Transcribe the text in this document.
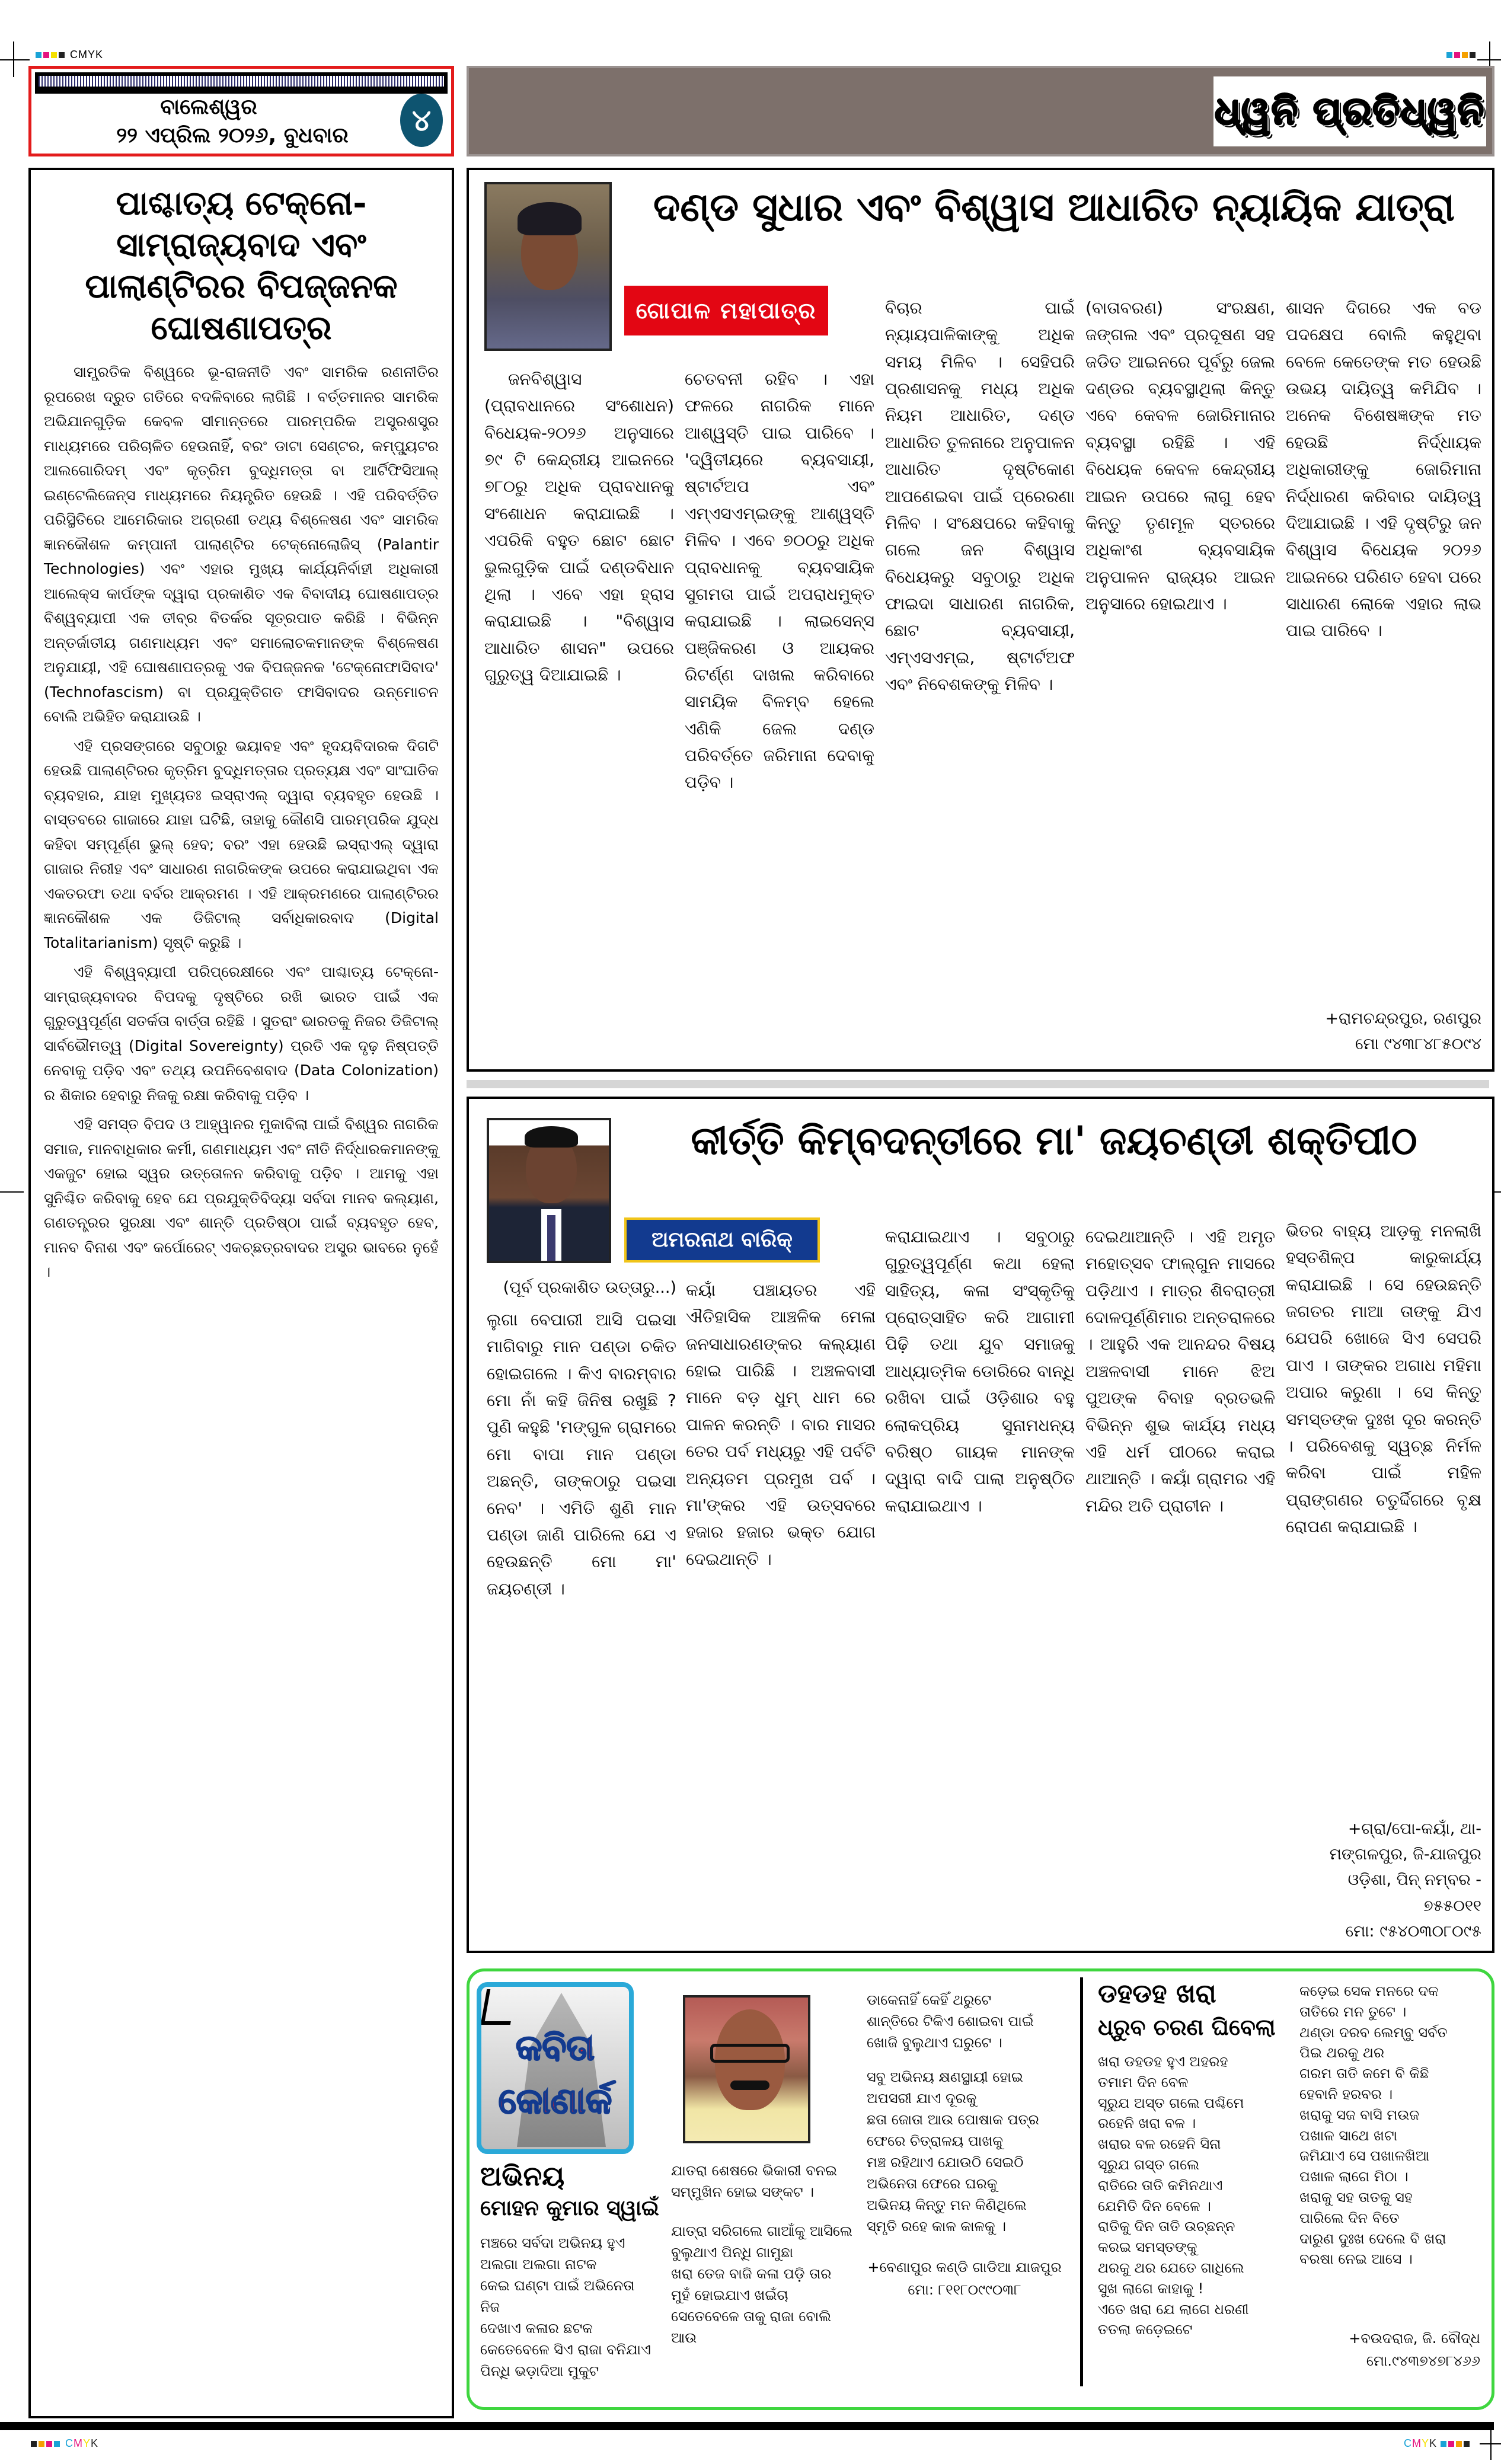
CMYK
ବାଲେଶ୍ୱର
୨୨ ଏପ୍ରିଲ ୨୦୨୬, ବୁଧବାର	୪	ଧ୍ୱନି ପ୍ରତିଧ୍ୱନି
ପାଶ୍ଚାତ୍ୟ ଟେକ୍ନୋ-ସାମ୍ରାଜ୍ୟବାଦ ଏବଂ ପାଲାଣ୍ଟିରର ବିପଜ୍ଜନକ ଘୋଷଣାପତ୍ର

ସାମ୍ପ୍ରତିକ ବିଶ୍ୱରେ ଭୂ-ରାଜନୀତି ଏବଂ ସାମରିକ ରଣନୀତିର ରୂପରେଖ ଦ୍ରୁତ ଗତିରେ ବଦଳିବାରେ ଲାଗିଛି । ବର୍ତ୍ତମାନର ସାମରିକ ଅଭିଯାନଗୁଡ଼ିକ କେବଳ ସୀମାନ୍ତରେ ପାରମ୍ପରିକ ଅସ୍ତ୍ରଶସ୍ତ୍ର ମାଧ୍ୟମରେ ପରିଚାଳିତ ହେଉନାହିଁ, ବରଂ ଡାଟା ସେଣ୍ଟର, କମ୍ପ୍ୟୁଟର ଆଲଗୋରିଦମ୍ ଏବଂ କୃତ୍ରିମ ବୁଦ୍ଧିମତ୍ତା ବା ଆର୍ଟିଫିସିଆଲ୍ ଇଣ୍ଟେଲିଜେନ୍ସ ମାଧ୍ୟମରେ ନିୟନ୍ତ୍ରିତ ହେଉଛି । ଏହି ପରିବର୍ତ୍ତିତ ପରିସ୍ଥିତିରେ ଆମେରିକାର ଅଗ୍ରଣୀ ତଥ୍ୟ ବିଶ୍ଳେଷଣ ଏବଂ ସାମରିକ ଜ୍ଞାନକୌଶଳ କମ୍ପାନୀ ପାଲାଣ୍ଟିର ଟେକ୍ନୋଲୋଜିସ୍ (Palantir Technologies) ଏବଂ ଏହାର ମୁଖ୍ୟ କାର୍ଯ୍ୟନିର୍ବାହୀ ଅଧିକାରୀ ଆଲେକ୍ସ କାର୍ପଙ୍କ ଦ୍ୱାରା ପ୍ରକାଶିତ ଏକ ବିବାଦୀୟ ଘୋଷଣାପତ୍ର ବିଶ୍ୱବ୍ୟାପୀ ଏକ ତୀବ୍ର ବିତର୍କର ସୂତ୍ରପାତ କରିଛି । ବିଭିନ୍ନ ଅନ୍ତର୍ଜାତୀୟ ଗଣମାଧ୍ୟମ ଏବଂ ସମାଲୋଚକମାନଙ୍କ ବିଶ୍ଳେଷଣ ଅନୁଯାୟୀ, ଏହି ଘୋଷଣାପତ୍ରକୁ ଏକ ବିପଜ୍ଜନକ 'ଟେକ୍ନୋଫାସିବାଦ' (Technofascism) ବା ପ୍ରଯୁକ୍ତିଗତ ଫାସିବାଦର ଉନ୍ମୋଚନ ବୋଲି ଅଭିହିତ କରାଯାଉଛି ।

ଏହି ପ୍ରସଙ୍ଗରେ ସବୁଠାରୁ ଭୟାବହ ଏବଂ ହୃଦୟବିଦାରକ ଦିଗଟି ହେଉଛି ପାଲାଣ୍ଟିରର କୃତ୍ରିମ ବୁଦ୍ଧିମତ୍ତାର ପ୍ରତ୍ୟକ୍ଷ ଏବଂ ସାଂଘାତିକ ବ୍ୟବହାର, ଯାହା ମୁଖ୍ୟତଃ ଇସ୍ରାଏଲ୍ ଦ୍ୱାରା ବ୍ୟବହୃତ ହେଉଛି । ବାସ୍ତବରେ ଗାଜାରେ ଯାହା ଘଟିଛି, ତାହାକୁ କୌଣସି ପାରମ୍ପରିକ ଯୁଦ୍ଧ କହିବା ସମ୍ପୂର୍ଣ୍ଣ ଭୁଲ୍ ହେବ; ବରଂ ଏହା ହେଉଛି ଇସ୍ରାଏଲ୍ ଦ୍ୱାରା ଗାଜାର ନିରୀହ ଏବଂ ସାଧାରଣ ନାଗରିକଙ୍କ ଉପରେ କରାଯାଇଥିବା ଏକ ଏକତରଫା ତଥା ବର୍ବର ଆକ୍ରମଣ । ଏହି ଆକ୍ରମଣରେ ପାଲାଣ୍ଟିରର ଜ୍ଞାନକୌଶଳ ଏକ ଡିଜିଟାଲ୍ ସର୍ବାଧିକାରବାଦ (Digital Totalitarianism) ସୃଷ୍ଟି କରୁଛି ।

ଏହି ବିଶ୍ୱବ୍ୟାପୀ ପରିପ୍ରେକ୍ଷୀରେ ଏବଂ ପାଶ୍ଚାତ୍ୟ ଟେକ୍ନୋ-ସାମ୍ରାଜ୍ୟବାଦର ବିପଦକୁ ଦୃଷ୍ଟିରେ ରଖି ଭାରତ ପାଇଁ ଏକ ଗୁରୁତ୍ୱପୂର୍ଣ୍ଣ ସତର୍କତା ବାର୍ତ୍ତା ରହିଛି । ସୁତରାଂ ଭାରତକୁ ନିଜର ଡିଜିଟାଲ୍ ସାର୍ବଭୌମତ୍ୱ (Digital Sovereignty) ପ୍ରତି ଏକ ଦୃଢ଼ ନିଷ୍ପତ୍ତି ନେବାକୁ ପଡ଼ିବ ଏବଂ ତଥ୍ୟ ଉପନିବେଶବାଦ (Data Colonization) ର ଶିକାର ହେବାରୁ ନିଜକୁ ରକ୍ଷା କରିବାକୁ ପଡ଼ିବ ।

ଏହି ସମସ୍ତ ବିପଦ ଓ ଆହ୍ୱାନର ମୁକାବିଲା ପାଇଁ ବିଶ୍ୱର ନାଗରିକ ସମାଜ, ମାନବାଧିକାର କର୍ମୀ, ଗଣମାଧ୍ୟମ ଏବଂ ନୀତି ନିର୍ଦ୍ଧାରକମାନଙ୍କୁ ଏକଜୁଟ ହୋଇ ସ୍ୱର ଉତ୍ତୋଳନ କରିବାକୁ ପଡ଼ିବ । ଆମକୁ ଏହା ସୁନିଶ୍ଚିତ କରିବାକୁ ହେବ ଯେ ପ୍ରଯୁକ୍ତିବିଦ୍ୟା ସର୍ବଦା ମାନବ କଲ୍ୟାଣ, ଗଣତନ୍ତ୍ରର ସୁରକ୍ଷା ଏବଂ ଶାନ୍ତି ପ୍ରତିଷ୍ଠା ପାଇଁ ବ୍ୟବହୃତ ହେବ, ମାନବ ବିନାଶ ଏବଂ କର୍ପୋରେଟ୍ ଏକଚ୍ଛତ୍ରବାଦର ଅସ୍ତ୍ର ଭାବରେ ନୁହେଁ ।

ଦଣ୍ଡ ସୁଧାର ଏବଂ ବିଶ୍ୱାସ ଆଧାରିତ ନ୍ୟାୟିକ ଯାତ୍ରା
ଗୋପାଳ ମହାପାତ୍ର
ଜନବିଶ୍ୱାସ (ପ୍ରାବଧାନରେ ସଂଶୋଧନ) ବିଧେୟକ-୨୦୨୬ ଅନୁସାରେ ୭୯ ଟି କେନ୍ଦ୍ରୀୟ ଆଇନରେ ୭୮୦ରୁ ଅଧିକ ପ୍ରାବଧାନକୁ ସଂଶୋଧନ କରାଯାଇଛି । ଏପରିକି ବହୁତ ଛୋଟ ଛୋଟ ଭୁଲଗୁଡ଼ିକ ପାଇଁ ଦଣ୍ଡବିଧାନ ଥିଲା । ଏବେ ଏହା ହ୍ରାସ କରାଯାଇଛି । "ବିଶ୍ୱାସ ଆଧାରିତ ଶାସନ" ଉପରେ ଗୁରୁତ୍ୱ ଦିଆଯାଇଛି ।
ଚେତବନୀ ରହିବ । ଏହା ଫଳରେ ନାଗରିକ ମାନେ ଆଶ୍ୱସ୍ତି ପାଇ ପାରିବେ । 'ଦ୍ୱିତୀୟରେ ବ୍ୟବସାୟୀ, ଷ୍ଟାର୍ଟଅପ ଏବଂ ଏମ୍ଏସଏମ୍ଇଙ୍କୁ ଆଶ୍ୱସ୍ତି ମିଳିବ । ଏବେ ୭୦୦ରୁ ଅଧିକ ପ୍ରାବଧାନକୁ ବ୍ୟବସାୟିକ ସୁଗମତା ପାଇଁ ଅପରାଧମୁକ୍ତ କରାଯାଇଛି । ଲାଇସେନ୍ସ ପଞ୍ଜିକରଣ ଓ ଆୟକର ରିଟର୍ଣ୍ଣ ଦାଖଲ କରିବାରେ ସାମୟିକ ବିଳମ୍ବ ହେଲେ ଏଣିକି ଜେଲ ଦଣ୍ଡ ପରିବର୍ତ୍ତେ ଜରିମାନା ଦେବାକୁ ପଡ଼ିବ ।
ବିଚାର ପାଇଁ ନ୍ୟାୟପାଳିକାଙ୍କୁ ଅଧିକ ସମୟ ମିଳିବ । ସେହିପରି ପ୍ରଶାସନକୁ ମଧ୍ୟ ଅଧିକ ନିୟମ ଆଧାରିତ, ଦଣ୍ଡ ଆଧାରିତ ତୁଳନାରେ ଅନୁପାଳନ ଆଧାରିତ ଦୃଷ୍ଟିକୋଣ ଆପଣେଇବା ପାଇଁ ପ୍ରେରଣା ମିଳିବ । ସଂକ୍ଷେପରେ କହିବାକୁ ଗଲେ ଜନ ବିଶ୍ୱାସ ବିଧେୟକରୁ ସବୁଠାରୁ ଅଧିକ ଫାଇଦା ସାଧାରଣ ନାଗରିକ, ଛୋଟ ବ୍ୟବସାୟୀ, ଏମ୍ଏସଏମ୍ଇ, ଷ୍ଟାର୍ଟଅଫ ଏବଂ ନିବେଶକଙ୍କୁ ମିଳିବ ।
(ବାତାବରଣ) ସଂରକ୍ଷଣ, ଜଙ୍ଗଲ ଏବଂ ପ୍ରଦୂଷଣ ସହ ଜଡିତ ଆଇନରେ ପୂର୍ବରୁ ଜେଲ ଦଣ୍ଡର ବ୍ୟବସ୍ଥାଥିଲା କିନ୍ତୁ ଏବେ କେବଳ ଜୋରିମାନାର ବ୍ୟବସ୍ଥା ରହିଛି । ଏହି ବିଧେୟକ କେବଳ କେନ୍ଦ୍ରୀୟ ଆଇନ ଉପରେ ଲାଗୁ ହେବ କିନ୍ତୁ ତୃଣମୂଳ ସ୍ତରରେ ଅଧିକାଂଶ ବ୍ୟବସାୟିକ ଅନୁପାଳନ ରାଜ୍ୟର ଆଇନ ଅନୁସାରେ ହୋଇଥାଏ ।
ଶାସନ ଦିଗରେ ଏକ ବଡ ପଦକ୍ଷେପ ବୋଲି କହୁଥିବା ବେଳେ କେତେଙ୍କ ମତ ହେଉଛି ଉଭୟ ଦାୟିତ୍ୱ କମିଯିବ । ଅନେକ ବିଶେଷଜ୍ଞଙ୍କ ମତ ହେଉଛି ନିର୍ଦ୍ଧାୟକ ଅଧିକାରୀଙ୍କୁ ଜୋରିମାନା ନିର୍ଦ୍ଧାରଣ କରିବାର ଦାୟିତ୍ୱ ଦିଆଯାଇଛି । ଏହି ଦୃଷ୍ଟିରୁ ଜନ ବିଶ୍ୱାସ ବିଧେୟକ ୨୦୨୬ ଆଇନରେ ପରିଣତ ହେବା ପରେ ସାଧାରଣ ଲୋକେ ଏହାର ଲାଭ ପାଇ ପାରିବେ ।
+ରାମଚନ୍ଦ୍ରପୁର, ରଣପୁର
ମୋ ୯୪୩୮୪୮୫୦୯୪
କୀର୍ତ୍ତି କିମ୍ବଦନ୍ତୀରେ ମା' ଜୟଚଣ୍ଡୀ ଶକ୍ତିପୀଠ
ଅମରନାଥ ବାରିକ୍
(ପୂର୍ବ ପ୍ରକାଶିତ ଉତ୍ତାରୁ...)
ଲୁଗା ବେପାରୀ ଆସି ପଇସା ମାଗିବାରୁ ମାନ ପଣ୍ଡା ଚକିତ ହୋଇଗଲେ । କିଏ ବାରମ୍ବାର ମୋ ନାଁ କହି ଜିନିଷ ରଖୁଛି ? ପୁଣି କହୁଛି 'ମଙ୍ଗୁଳ ଗ୍ରାମରେ ମୋ ବାପା ମାନ ପଣ୍ଡା ଅଛନ୍ତି, ତାଙ୍କଠାରୁ ପଇସା ନେବ' । ଏମିତି ଶୁଣି ମାନ ପଣ୍ଡା ଜାଣି ପାରିଲେ ଯେ ଏ ହେଉଛନ୍ତି ମୋ ମା' ଜୟଚଣ୍ଡୀ ।
କୟାଁ ପଞ୍ଚାୟତର ଏହି ଐତିହାସିକ ଆଞ୍ଚଳିକ ମେଳା ଜନସାଧାରଣଙ୍କର କଲ୍ୟାଣ ହୋଇ ପାରିଛି । ଅଞ୍ଚଳବାସୀ ମାନେ ବଡ଼ ଧୁମ୍ ଧାମ ରେ ପାଳନ କରନ୍ତି । ବାର ମାସର ତେର ପର୍ବ ମଧ୍ୟରୁ ଏହି ପର୍ବଟି ଅନ୍ୟତମ ପ୍ରମୁଖ ପର୍ବ । ମା'ଙ୍କର ଏହି ଉତ୍ସବରେ ହଜାର ହଜାର ଭକ୍ତ ଯୋଗ ଦେଇଥାନ୍ତି ।
କରାଯାଇଥାଏ । ସବୁଠାରୁ ଗୁରୁତ୍ୱପୂର୍ଣ୍ଣ କଥା ହେଲା ସାହିତ୍ୟ, କଳା ସଂସ୍କୃତିକୁ ପ୍ରୋତ୍ସାହିତ କରି ଆଗାମୀ ପିଢ଼ି ତଥା ଯୁବ ସମାଜକୁ ଆଧ୍ୟାତ୍ମିକ ଡୋରିରେ ବାନ୍ଧି ରଖିବା ପାଇଁ ଓଡ଼ିଶାର ବହୁ ଲୋକପ୍ରିୟ ସୁନାମଧନ୍ୟ ବରିଷ୍ଠ ଗାୟକ ମାନଙ୍କ ଦ୍ୱାରା ବାଦି ପାଲା ଅନୁଷ୍ଠିତ କରାଯାଇଥାଏ ।
ଦେଇଥାଆନ୍ତି । ଏହି ଅମୃତ ମହୋତ୍ସବ ଫାଲ୍ଗୁନ ମାସରେ ପଡ଼ିଥାଏ । ମାତ୍ର ଶିବରାତ୍ରୀ ଦୋଳପୂର୍ଣ୍ଣିମାର ଅନ୍ତରାଳରେ । ଆହୁରି ଏକ ଆନନ୍ଦର ବିଷୟ ଅଞ୍ଚଳବାସୀ ମାନେ ଝିଅ ପୁଅଙ୍କ ବିବାହ ବ୍ରତଭଳି ବିଭିନ୍ନ ଶୁଭ କାର୍ଯ୍ୟ ମଧ୍ୟ ଏହି ଧର୍ମ ପୀଠରେ କରାଇ ଥାଆନ୍ତି । କୟାଁ ଗ୍ରାମର ଏହି ମନ୍ଦିର ଅତି ପ୍ରାଚୀନ ।
ଭିତର ବାହ୍ୟ ଆଡ଼କୁ ମନଲାଖି ହସ୍ତଶିଳ୍ପ କାରୁକାର୍ଯ୍ୟ କରାଯାଇଛି । ସେ ହେଉଛନ୍ତି ଜଗତର ମାଆ ତାଙ୍କୁ ଯିଏ ଯେପରି ଖୋଜେ ସିଏ ସେପରି ପାଏ । ତାଙ୍କର ଅଗାଧ ମହିମା ଅପାର କରୁଣା । ସେ କିନ୍ତୁ ସମସ୍ତଙ୍କ ଦୁଃଖ ଦୂର କରନ୍ତି । ପରିବେଶକୁ ସ୍ୱଚ୍ଛ ନିର୍ମଳ କରିବା ପାଇଁ ମହିଳ ପ୍ରାଙ୍ଗଣର ଚତୁର୍ଦ୍ଦିଗରେ ବୃକ୍ଷ ରୋପଣ କରାଯାଇଛି ।
+ଗ୍ରା/ପୋ-କୟାଁ, ଥା-
ମଙ୍ଗଳପୁର, ଜି-ଯାଜପୁର
ଓଡ଼ିଶା, ପିନ୍ ନମ୍ବର -
୭୫୫୦୧୧
ମୋ: ୯୫୪୦୩୦୮୦୯୫
କବିତା
କୋଣାର୍କ
ଅଭିନୟ
ମୋହନ କୁମାର ସ୍ୱାଇଁ
ମଞ୍ଚରେ ସର୍ବଦା ଅଭିନୟ ହୁଏ
ଅଲଗା ଅଲଗା ନାଟକ
କେଇ ଘଣ୍ଟା ପାଇଁ ଅଭିନେତା ନିଜ
ଦେଖାଏ କଳାର ଛଟକ
କେତେବେଳେ ସିଏ ରାଜା ବନିଯାଏ
ପିନ୍ଧି ଭଡ଼ାଦିଆ ମୁକୁଟ
ଯାତରା ଶେଷରେ ଭିକାରୀ ବନଇ
ସମ୍ମୁଖିନ ହୋଇ ସଙ୍କଟ ।
ଯାତ୍ରା ସରିଗଲେ ଗାଆଁକୁ ଆସିଲେ
ବୁଲୁଥାଏ ପିନ୍ଧି ଗାମୁଛା
ଖରା ତେଜ ବାଜି କଳା ପଡ଼ି ତାର
ମୁହଁ ହୋଇଯାଏ ଖଇଁଚା
ସେତେବେଳେ ତାକୁ ରାଜା ବୋଲି ଆଉ
ଡାକେନାହିଁ କେହିଁ ଥରୁଟେ
ଶାନ୍ତିରେ ଟିକିଏ ଶୋଇବା ପାଇଁ
ଖୋଜି ବୁଲୁଥାଏ ଘରୁଟେ ।
ସବୁ ଅଭିନୟ କ୍ଷଣସ୍ଥାୟୀ ହୋଇ
ଅପସରୀ ଯାଏ ଦୂରକୁ
ଛତା ଜୋତା ଆଉ ପୋଷାକ ପତ୍ର
ଫେରେ ଚିତ୍ରାଳୟ ପାଖକୁ
ମଞ୍ଚ ରହିଥାଏ ଯୋଉଠି ସେଇଠି
ଅଭିନେତା ଫେରେ ଘରକୁ
ଅଭିନୟ କିନ୍ତୁ ମନ କିଣିଥିଲେ
ସ୍ମୃତି ରହେ କାଳ କାଳକୁ ।
+ବେଣାପୁର କଣ୍ଡି ଗାଡିଆ ଯାଜପୁର
ମୋ: ୮୧୧୮୦୯୯୦୩୮
ଡହଡହ ଖରା
ଧ୍ରୁବ ଚରଣ ଘିବେଲା
ଖରା ଡହଡହ ହୁଏ ଅହରହ
ତମାମ ଦିନ ବେଳ
ସୂରୁଯ ଅସ୍ତ ଗଲେ ପଶ୍ଚିମେ
ରହେନି ଖରା ବଳ ।
ଖରାର ବଳ ରହେନି ସିନା
ସୂରୁଯ ଗସ୍ତ ଗଲେ
ରାତିରେ ତାତି କମିନଥାଏ
ଯେମିତି ଦିନ ବେଳେ ।
ରାତିକୁ ଦିନ ତାତି ଉଚ୍ଛନ୍ନ
କରଇ ସମସ୍ତଙ୍କୁ
ଥରକୁ ଥର ଯେତେ ଗାଧିଲେ
ସୁଖ ଲାଗେ କାହାକୁ !
ଏତେ ଖରା ଯେ ଲାଗେ ଧରଣୀ
ତତଲା କଡ଼େଇଟେ
କଡ଼େଇ ସେକ ମନରେ ଦକ
ତାତିରେ ମନ ତୁଟେ ।
ଥଣ୍ଡା ଦରବ ଲେମ୍ବୁ ସର୍ବତ
ପିଇ ଥରକୁ ଥର
ଗରମ ତାତି କମେ ବି କିଛି
ହେବାନି ହରବର ।
ଖରାକୁ ସଜ ବାସି ମଉଜ
ପଖାଳ ସାଥେ ଖଟା
ଜମିଯାଏ ସେ ପଖାଳଖିଆ
ପଖାଳ ଲାଗେ ମିଠା ।
ଖରାକୁ ସହ ତାତକୁ ସହ
ପାରିଲେ ଦିନ ବିତେ
ଦାରୁଣ ଦୁଃଖ ଦେଲେ ବି ଖରା
ବରଷା ନେଇ ଆସେ ।
+ବଉଦରାଜ, ଜି. ବୌଦ୍ଧ
ମୋ.୯୪୩୭୪୭୮୪୬୬
CMYK	CMYK
